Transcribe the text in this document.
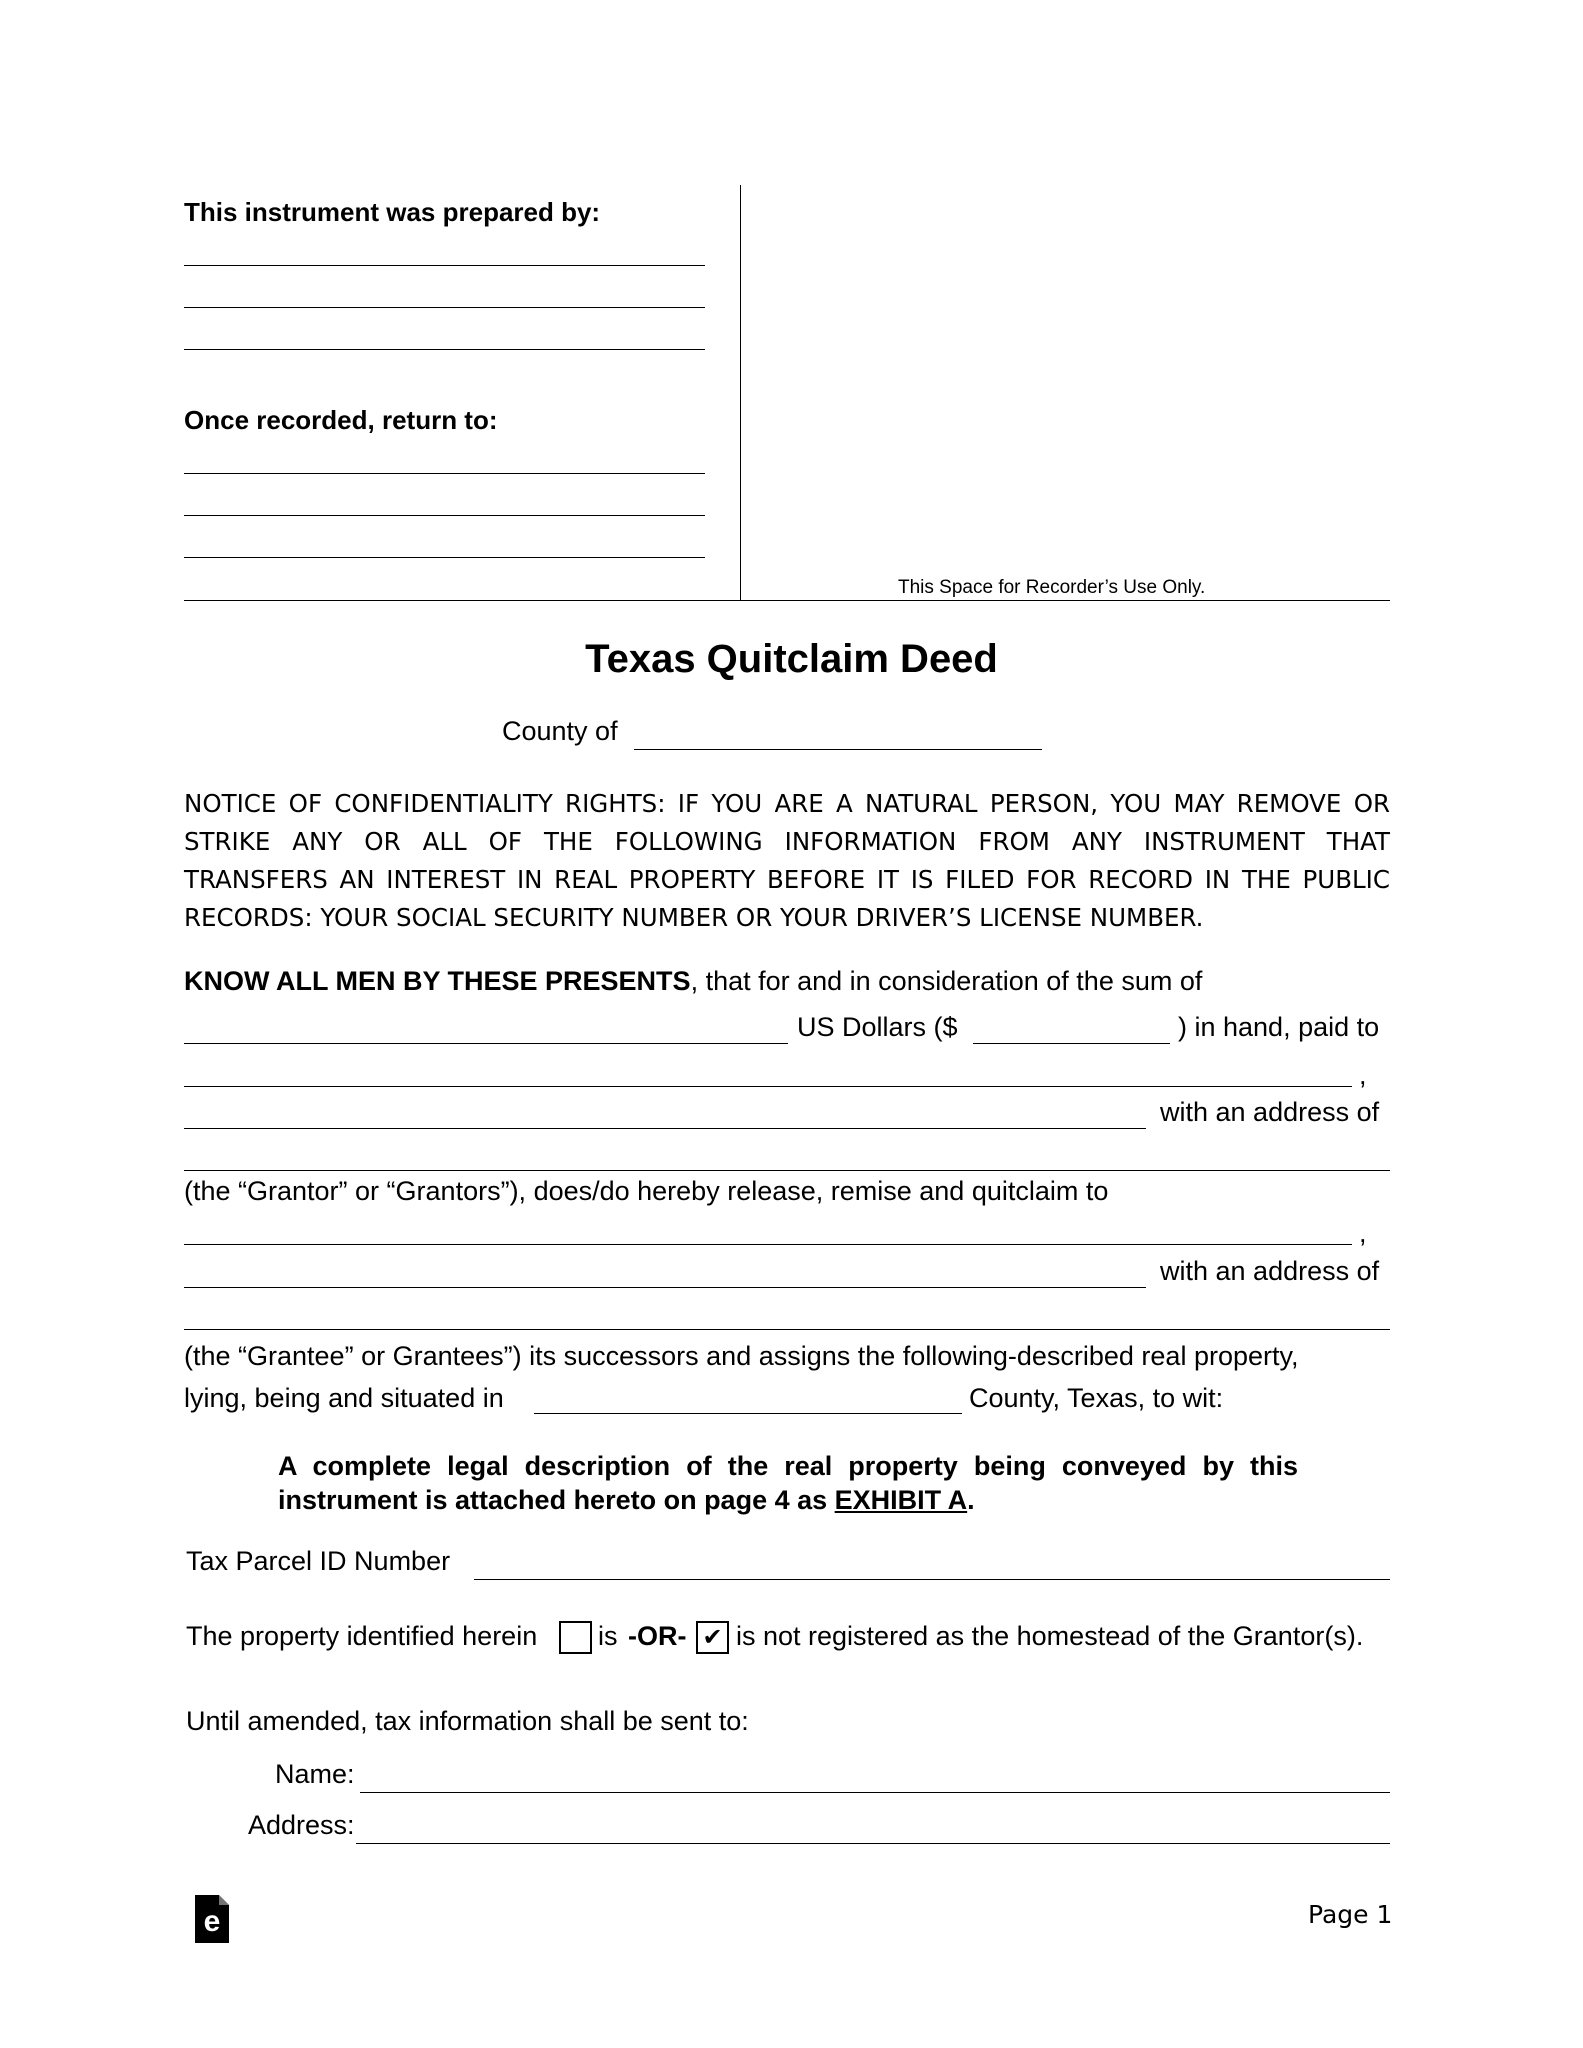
This instrument was prepared by:
Once recorded, return to:
This Space for Recorder’s Use Only.
Texas Quitclaim Deed
County of
NOTICE OF CONFIDENTIALITY RIGHTS: IF YOU ARE A NATURAL PERSON, YOU MAY REMOVE OR
STRIKE ANY OR ALL OF THE FOLLOWING INFORMATION FROM ANY INSTRUMENT THAT
TRANSFERS AN INTEREST IN REAL PROPERTY BEFORE IT IS FILED FOR RECORD IN THE PUBLIC
RECORDS: YOUR SOCIAL SECURITY NUMBER OR YOUR DRIVER’S LICENSE NUMBER.
KNOW ALL MEN BY THESE PRESENTS, that for and in consideration of the sum of
US Dollars ($	) in hand, paid to
,
with an address of
(the “Grantor” or “Grantors”), does/do hereby release, remise and quitclaim to
,
with an address of
(the “Grantee” or Grantees”) its successors and assigns the following-described real property,
lying, being and situated in	County, Texas, to wit:
A complete legal description of the real property being conveyed by this
instrument is attached hereto on page 4 as EXHIBIT A.
Tax Parcel ID Number
The property identified herein is -OR- ✔ is not registered as the homestead of the Grantor(s).
Until amended, tax information shall be sent to:
Name:
Address:
e	Page 1
